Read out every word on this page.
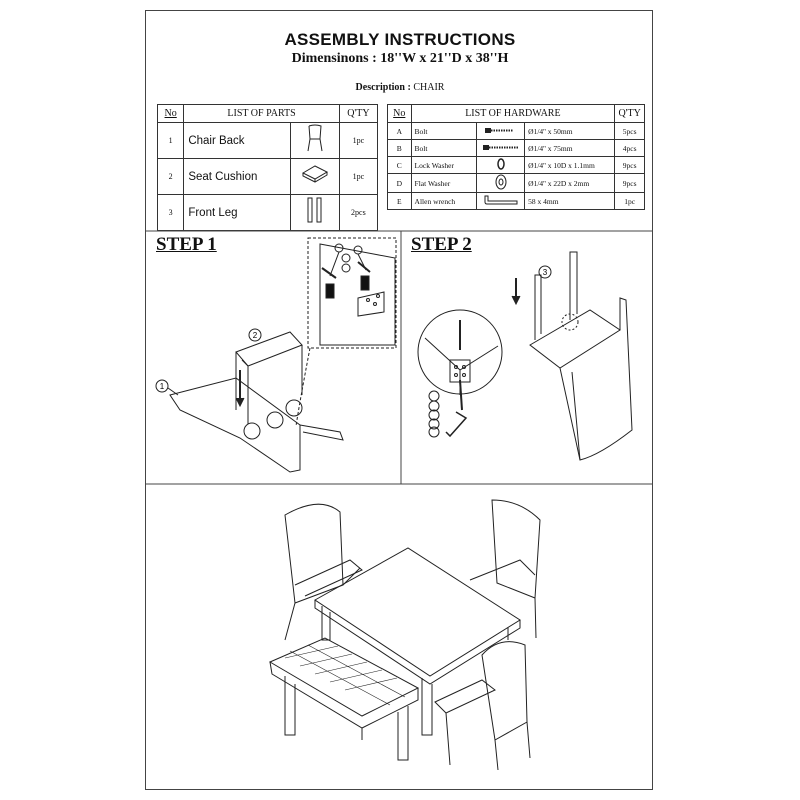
ASSEMBLY INSTRUCTIONS
Dimensinons : 18''W x 21''D x 38''H
Description : CHAIR
No	LIST OF PARTS		Q'TY
1	Chair Back		1pc
2	Seat Cushion		1pc
3	Front Leg		2pcs
No	LIST OF HARDWARE			Q'TY
A	Bolt		Ø1/4'' x 50mm	5pcs
B	Bolt		Ø1/4'' x 75mm	4pcs
C	Lock Washer		Ø1/4'' x 10D x 1.1mm	9pcs
D	Flat Washer		Ø1/4'' x 22D x 2mm	9pcs
E	Allen wrench		58 x 4mm	1pc
STEP 1	STEP 2
1
2
3
